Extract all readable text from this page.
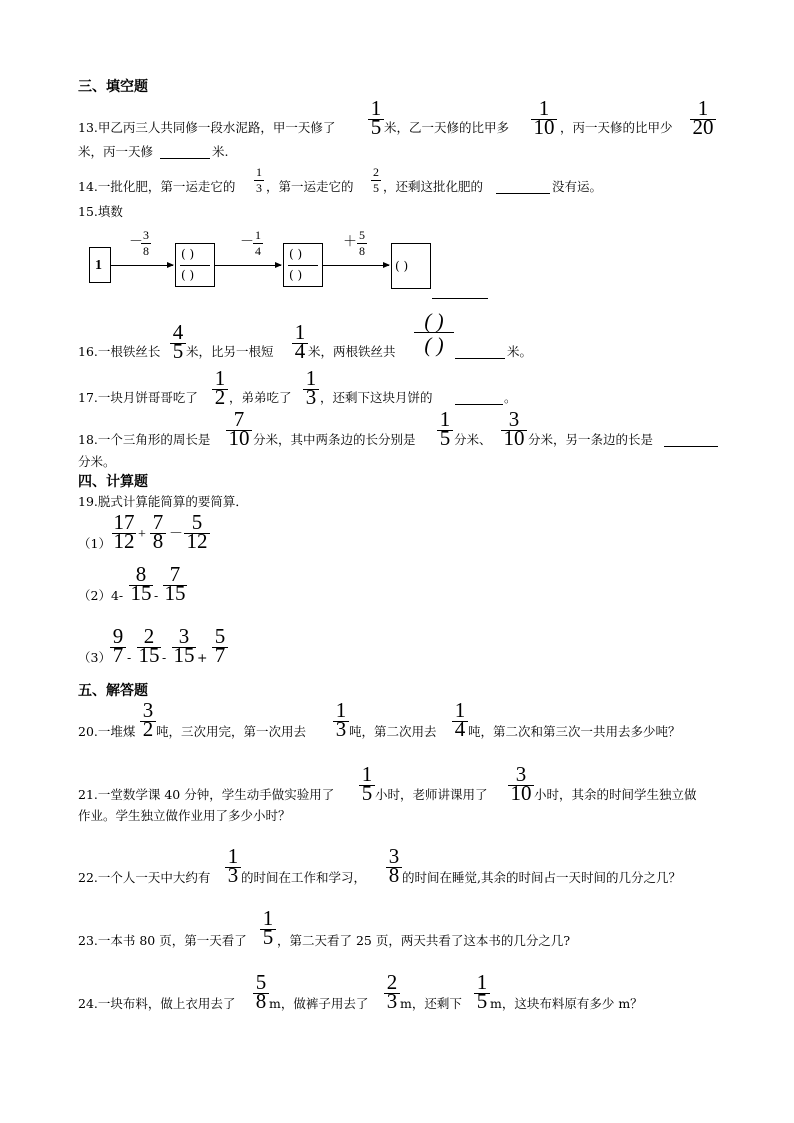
三、填空题
13.甲乙丙三人共同修一段水泥路，甲一天修了
1
5 米，乙一天修的比甲多
1
10 ，丙一天修的比甲少
1
20
米，丙一天修	米.
14.一批化肥，第一运走它的
1
3 ，第一运走它的
2
5 ，还剩这批化肥的	没有运。
15.填数
1
－ 3
8	( )
( )
－ 1
4 ( )
( )
＋ 5
8
( )
16.一根铁丝长
4
5 米，比另一根短
1
4 米，两根铁丝共
( )
( )	米。
17.一块月饼哥哥吃了
1
2 ，弟弟吃了
1
3 ，还剩下这块月饼的	。
18.一个三角形的周长是
7
10 分米，其中两条边的长分别是
1
5 分米、
3
10 分米，另一条边的长是
分米。
四、计算题
19.脱式计算能简算的要简算．
（1）
17
12 +
7
8 －
5
12
（2）4-
8
15 -
7
15
（3）
9
7 -
2
15 -
3
15 +
5
7
五、解答题
20.一堆煤
3
2 吨，三次用完，第一次用去
1
3 吨，第二次用去
1
4 吨，第二次和第三次一共用去多少吨？
21.一堂数学课 40 分钟，学生动手做实验用了
1
5 小时，老师讲课用了
3
10 小时，其余的时间学生独立做
作业。学生独立做作业用了多少小时？
22.一个人一天中大约有
1
3 的时间在工作和学习，
3
8 的时间在睡觉,其余的时间占一天时间的几分之几？
23.一本书 80 页，第一天看了
1
5 ，第二天看了 25 页，两天共看了这本书的几分之几?
24.一块布料，做上衣用去了
5
8 m，做裤子用去了
2
3 m，还剩下
1
5 m，这块布料原有多少 m？
